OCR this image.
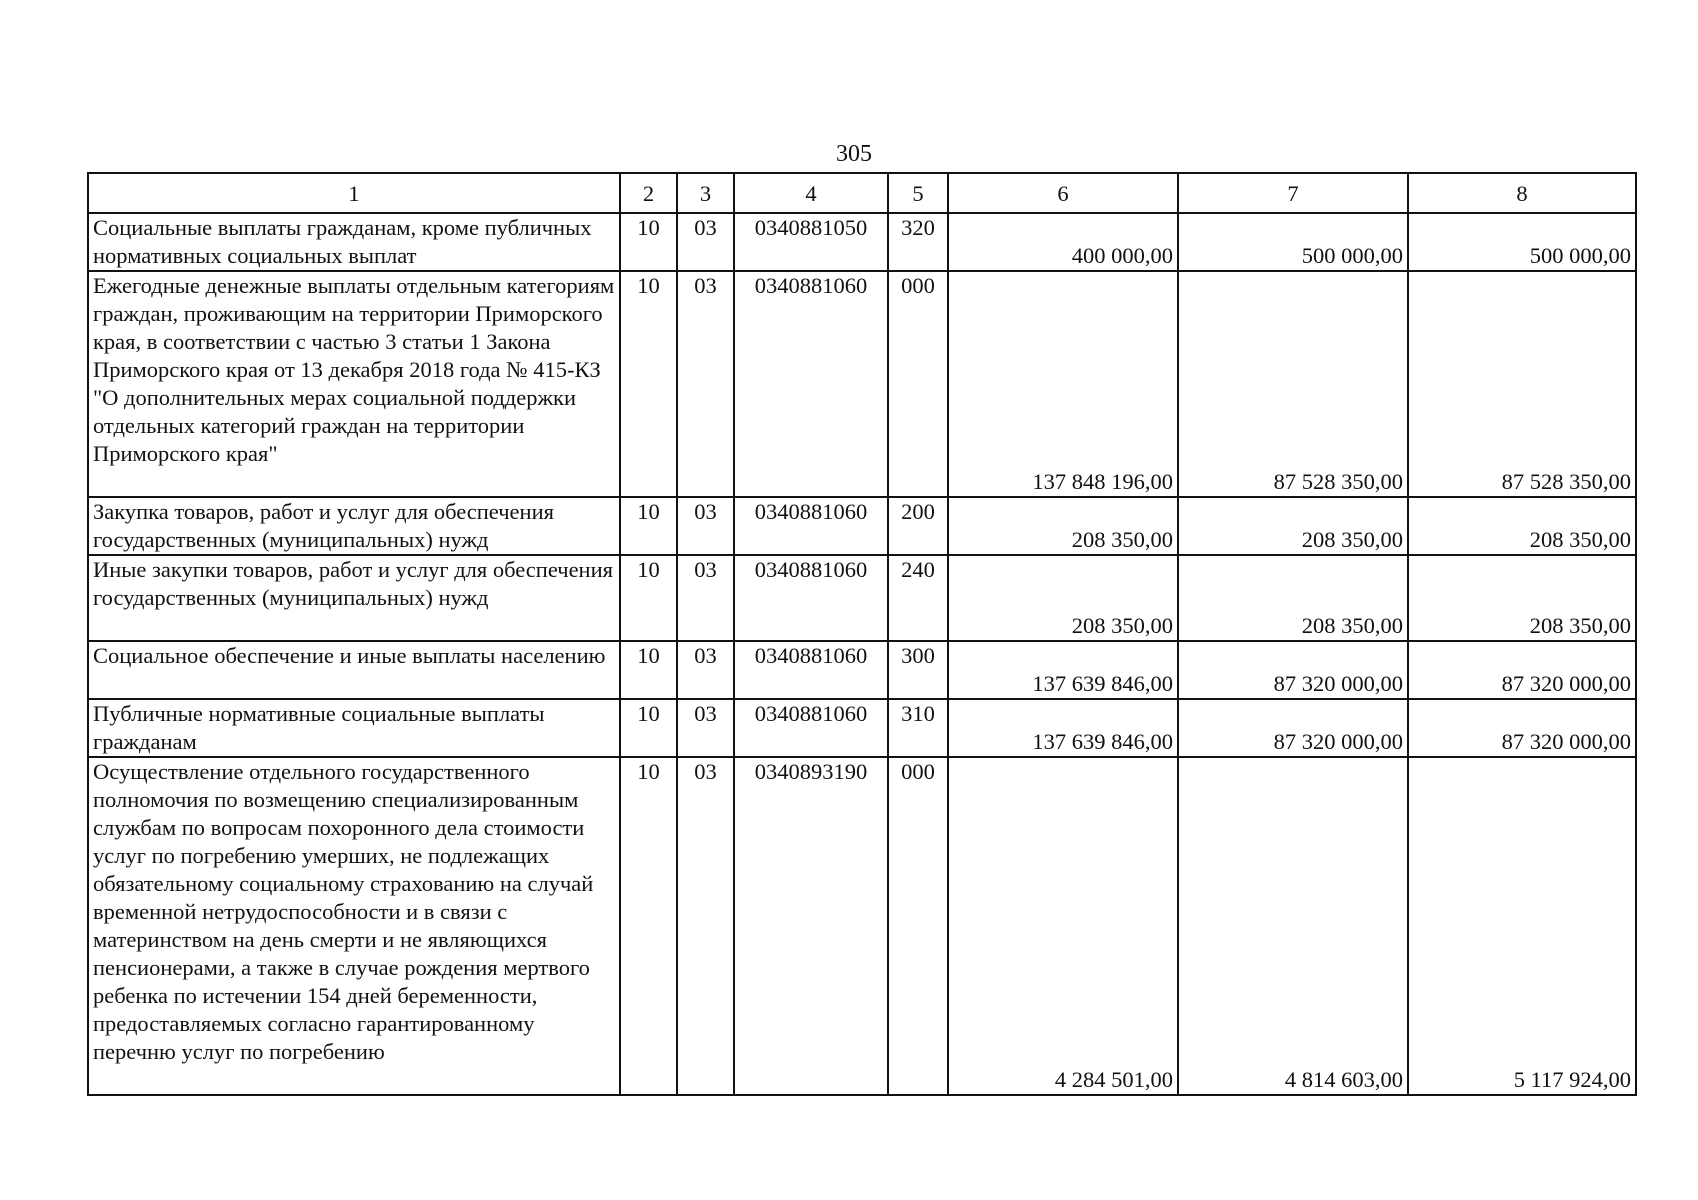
305
1	2	3	4	5	6	7	8
Социальные выплаты гражданам, кроме публичных нормативных социальных выплат	10	03	0340881050	320	400 000,00	500 000,00	500 000,00
Ежегодные денежные выплаты отдельным категориям граждан, проживающим на территории Приморского края, в соответствии с частью 3 статьи 1 Закона Приморского края от 13 декабря 2018 года № 415-КЗ "О дополнительных мерах социальной поддержки отдельных категорий граждан на территории Приморского края"	10	03	0340881060	000	137 848 196,00	87 528 350,00	87 528 350,00
Закупка товаров, работ и услуг для обеспечения государственных (муниципальных) нужд	10	03	0340881060	200	208 350,00	208 350,00	208 350,00
Иные закупки товаров, работ и услуг для обеспечения государственных (муниципальных) нужд	10	03	0340881060	240	208 350,00	208 350,00	208 350,00
Социальное обеспечение и иные выплаты населению	10	03	0340881060	300	137 639 846,00	87 320 000,00	87 320 000,00
Публичные нормативные социальные выплаты гражданам	10	03	0340881060	310	137 639 846,00	87 320 000,00	87 320 000,00
Осуществление отдельного государственного полномочия по возмещению специализированным службам по вопросам похоронного дела стоимости услуг по погребению умерших, не подлежащих обязательному социальному страхованию на случай временной нетрудоспособности и в связи с материнством на день смерти и не являющихся пенсионерами, а также в случае рождения мертвого ребенка по истечении 154 дней беременности, предоставляемых согласно гарантированному перечню услуг по погребению	10	03	0340893190	000	4 284 501,00	4 814 603,00	5 117 924,00
